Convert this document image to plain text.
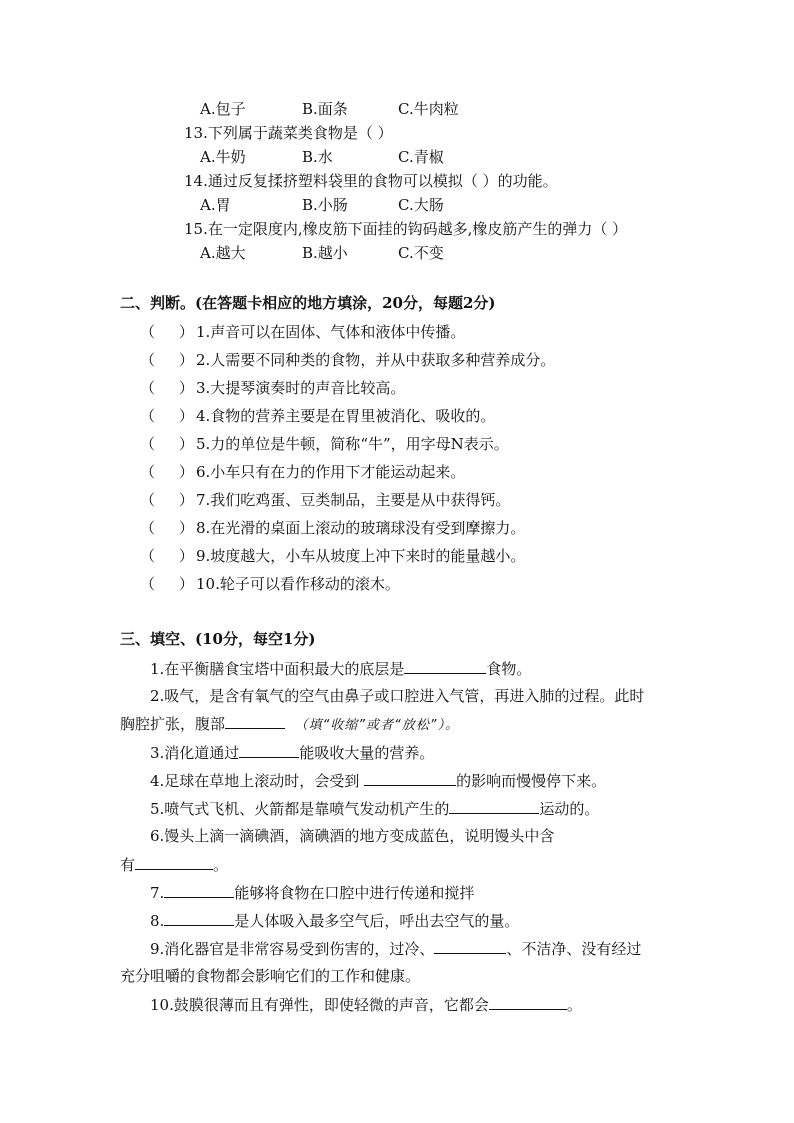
A.包子	B.面条	C.牛肉粒
13.下列属于蔬菜类食物是（ ）
A.牛奶	B.水	C.青椒
14.通过反复揉挤塑料袋里的食物可以模拟（ ）的功能。
A.胃	B.小肠	C.大肠
15.在一定限度内,橡皮筋下面挂的钩码越多,橡皮筋产生的弹力（ ）
A.越大	B.越小	C.不变
二、判断。(在答题卡相应的地方填涂，20分，每题2分)
（ ） 1.声音可以在固体、气体和液体中传播。
（ ） 2.人需要不同种类的食物，并从中获取多种营养成分。
（ ） 3.大提琴演奏时的声音比较高。
（ ） 4.食物的营养主要是在胃里被消化、吸收的。
（ ） 5.力的单位是牛顿，简称“牛”，用字母N表示。
（ ） 6.小车只有在力的作用下才能运动起来。
（ ） 7.我们吃鸡蛋、豆类制品，主要是从中获得钙。
（ ） 8.在光滑的桌面上滚动的玻璃球没有受到摩擦力。
（ ） 9.坡度越大，小车从坡度上冲下来时的能量越小。
（ ） 10.轮子可以看作移动的滚木。
三、填空、(10分，每空1分)
1.在平衡膳食宝塔中面积最大的底层是	食物。
2.吸气，是含有氧气的空气由鼻子或口腔进入气管，再进入肺的过程。此时
胸腔扩张，腹部	（填“收缩”或者“放松”）。
3.消化道通过	能吸收大量的营养。
4.足球在草地上滚动时，会受到	的影响而慢慢停下来。
5.喷气式飞机、火箭都是靠喷气发动机产生的	运动的。
6.馒头上滴一滴碘酒，滴碘酒的地方变成蓝色，说明馒头中含
有	。
7.	能够将食物在口腔中进行传递和搅拌
8.	是人体吸入最多空气后，呼出去空气的量。
9.消化器官是非常容易受到伤害的，过冷、	、不洁净、没有经过
充分咀嚼的食物都会影响它们的工作和健康。
10.鼓膜很薄而且有弹性，即使轻微的声音，它都会	。
